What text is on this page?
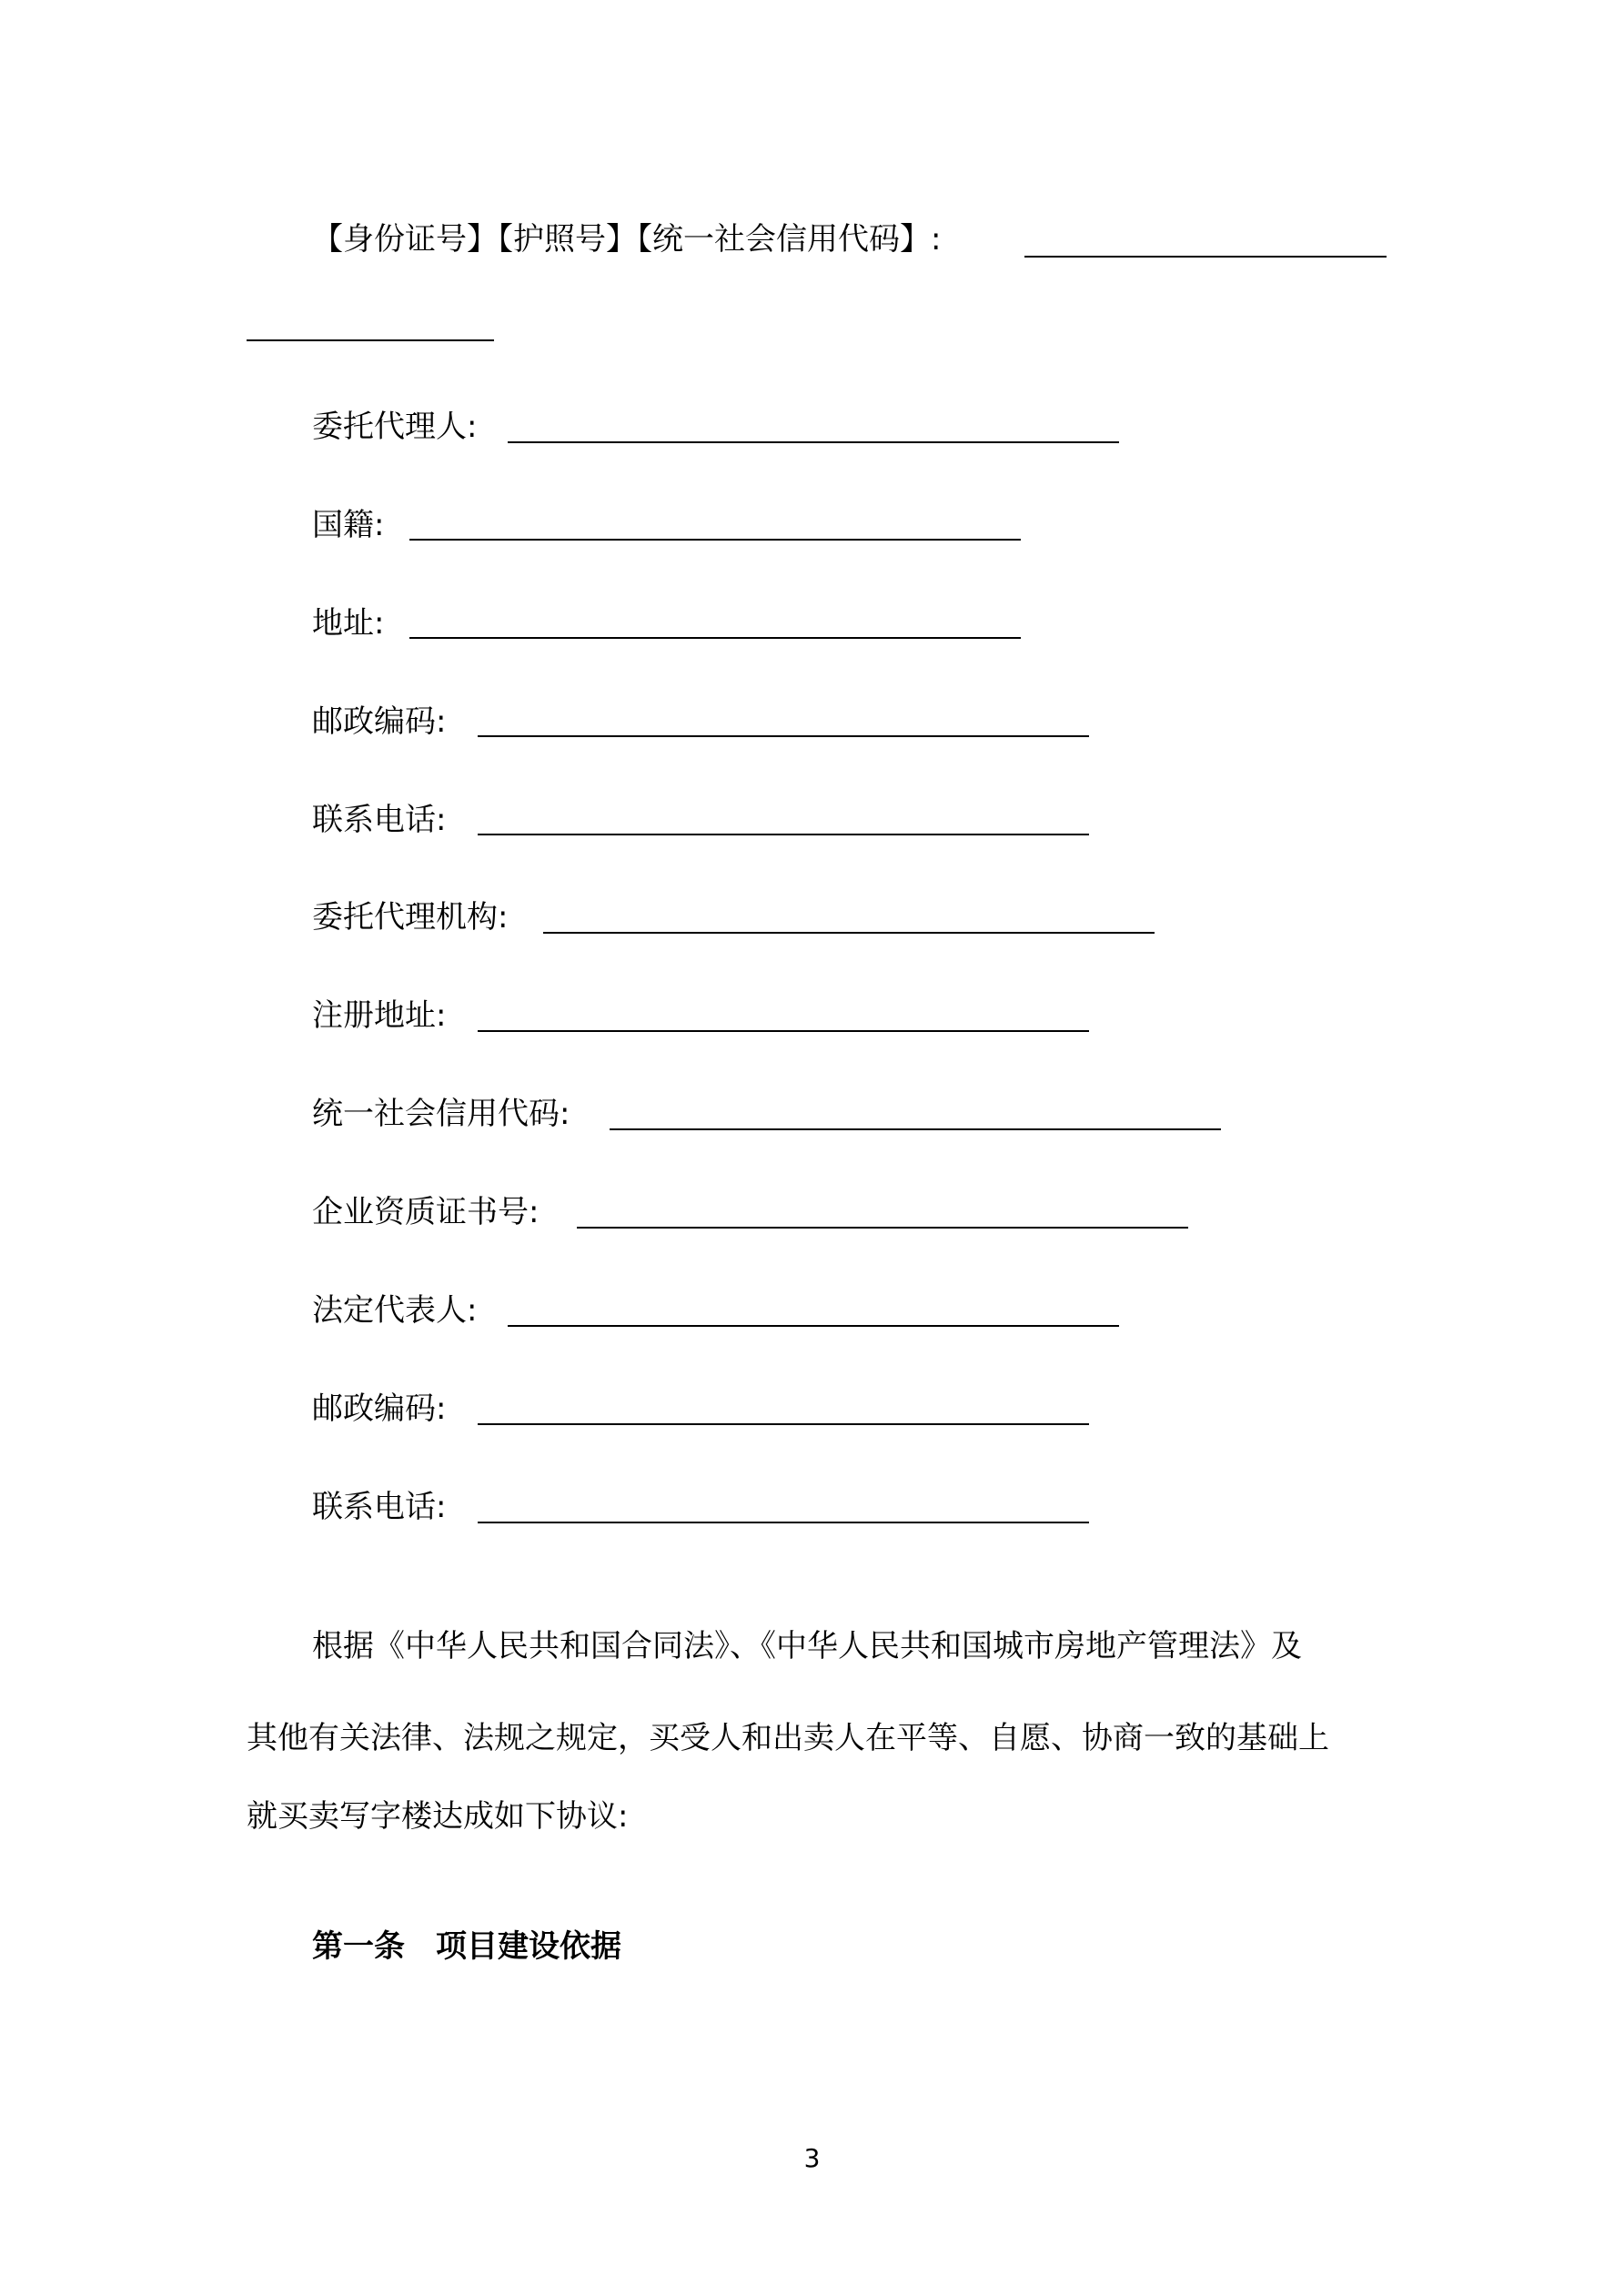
【身份证号】【护照号】【统一社会信用代码】:
委托代理人:
国籍:
地址:
邮政编码:
联系电话:
委托代理机构:
注册地址:
统一社会信用代码:
企业资质证书号:
法定代表人:
邮政编码:
联系电话:
根据《中华人民共和国合同法》、《中华人民共和国城市房地产管理法》及
其他有关法律、法规之规定，买受人和出卖人在平等、自愿、协商一致的基础上
就买卖写字楼达成如下协议:
第一条　项目建设依据
3
